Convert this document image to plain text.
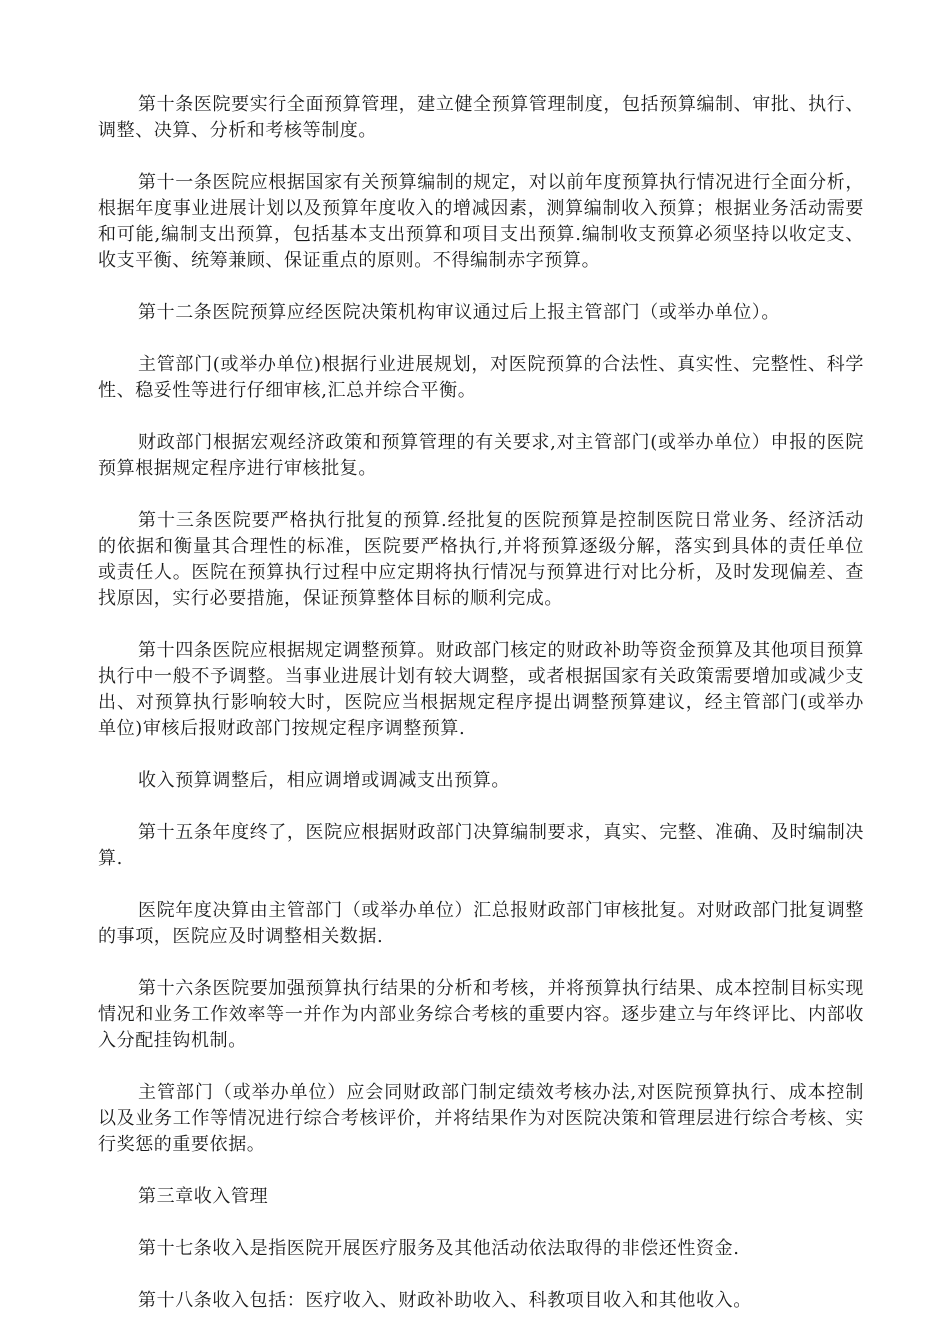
第十条医院要实行全面预算管理，建立健全预算管理制度，包括预算编制、审批、执行、调整、决算、分析和考核等制度。

第十一条医院应根据国家有关预算编制的规定，对以前年度预算执行情况进行全面分析，根据年度事业进展计划以及预算年度收入的增减因素，测算编制收入预算；根据业务活动需要和可能,编制支出预算，包括基本支出预算和项目支出预算.编制收支预算必须坚持以收定支、收支平衡、统筹兼顾、保证重点的原则。不得编制赤字预算。

第十二条医院预算应经医院决策机构审议通过后上报主管部门（或举办单位）。

主管部门(或举办单位)根据行业进展规划，对医院预算的合法性、真实性、完整性、科学性、稳妥性等进行仔细审核,汇总并综合平衡。

财政部门根据宏观经济政策和预算管理的有关要求,对主管部门(或举办单位）申报的医院预算根据规定程序进行审核批复。

第十三条医院要严格执行批复的预算.经批复的医院预算是控制医院日常业务、经济活动的依据和衡量其合理性的标准，医院要严格执行,并将预算逐级分解，落实到具体的责任单位或责任人。医院在预算执行过程中应定期将执行情况与预算进行对比分析，及时发现偏差、查找原因，实行必要措施，保证预算整体目标的顺利完成。

第十四条医院应根据规定调整预算。财政部门核定的财政补助等资金预算及其他项目预算执行中一般不予调整。当事业进展计划有较大调整，或者根据国家有关政策需要增加或减少支出、对预算执行影响较大时，医院应当根据规定程序提出调整预算建议，经主管部门(或举办单位)审核后报财政部门按规定程序调整预算.

收入预算调整后，相应调增或调减支出预算。

第十五条年度终了，医院应根据财政部门决算编制要求，真实、完整、准确、及时编制决算.

医院年度决算由主管部门（或举办单位）汇总报财政部门审核批复。对财政部门批复调整的事项，医院应及时调整相关数据.

第十六条医院要加强预算执行结果的分析和考核，并将预算执行结果、成本控制目标实现情况和业务工作效率等一并作为内部业务综合考核的重要内容。逐步建立与年终评比、内部收入分配挂钩机制。

主管部门（或举办单位）应会同财政部门制定绩效考核办法,对医院预算执行、成本控制以及业务工作等情况进行综合考核评价，并将结果作为对医院决策和管理层进行综合考核、实行奖惩的重要依据。

第三章收入管理

第十七条收入是指医院开展医疗服务及其他活动依法取得的非偿还性资金.

第十八条收入包括：医疗收入、财政补助收入、科教项目收入和其他收入。
